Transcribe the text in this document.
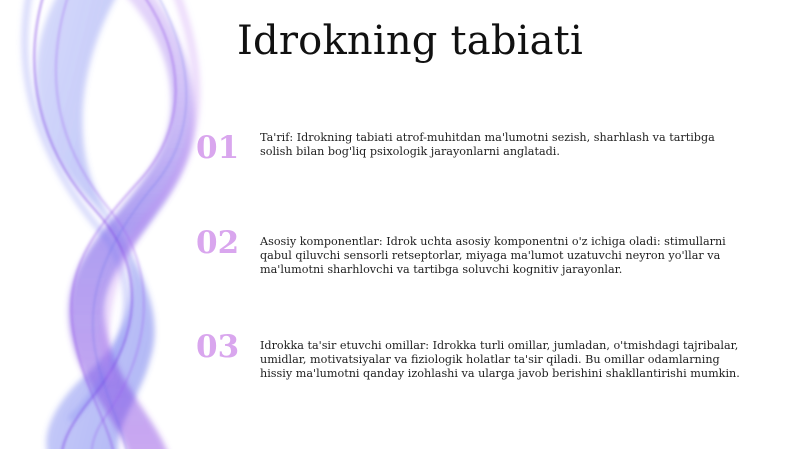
Idrokning tabiati
01	Ta'rif: Idrokning tabiati atrof-muhitdan ma'lumotni sezish, sharhlash va tartibga solish bilan bog'liq psixologik jarayonlarni anglatadi.
02	Asosiy komponentlar: Idrok uchta asosiy komponentni o'z ichiga oladi: stimullarni qabul qiluvchi sensorli retseptorlar, miyaga ma'lumot uzatuvchi neyron yo'llar va ma'lumotni sharhlovchi va tartibga soluvchi kognitiv jarayonlar.
03	Idrokka ta'sir etuvchi omillar: Idrokka turli omillar, jumladan, o'tmishdagi tajribalar, umidlar, motivatsiyalar va fiziologik holatlar ta'sir qiladi. Bu omillar odamlarning hissiy ma'lumotni qanday izohlashi va ularga javob berishini shakllantirishi mumkin.
